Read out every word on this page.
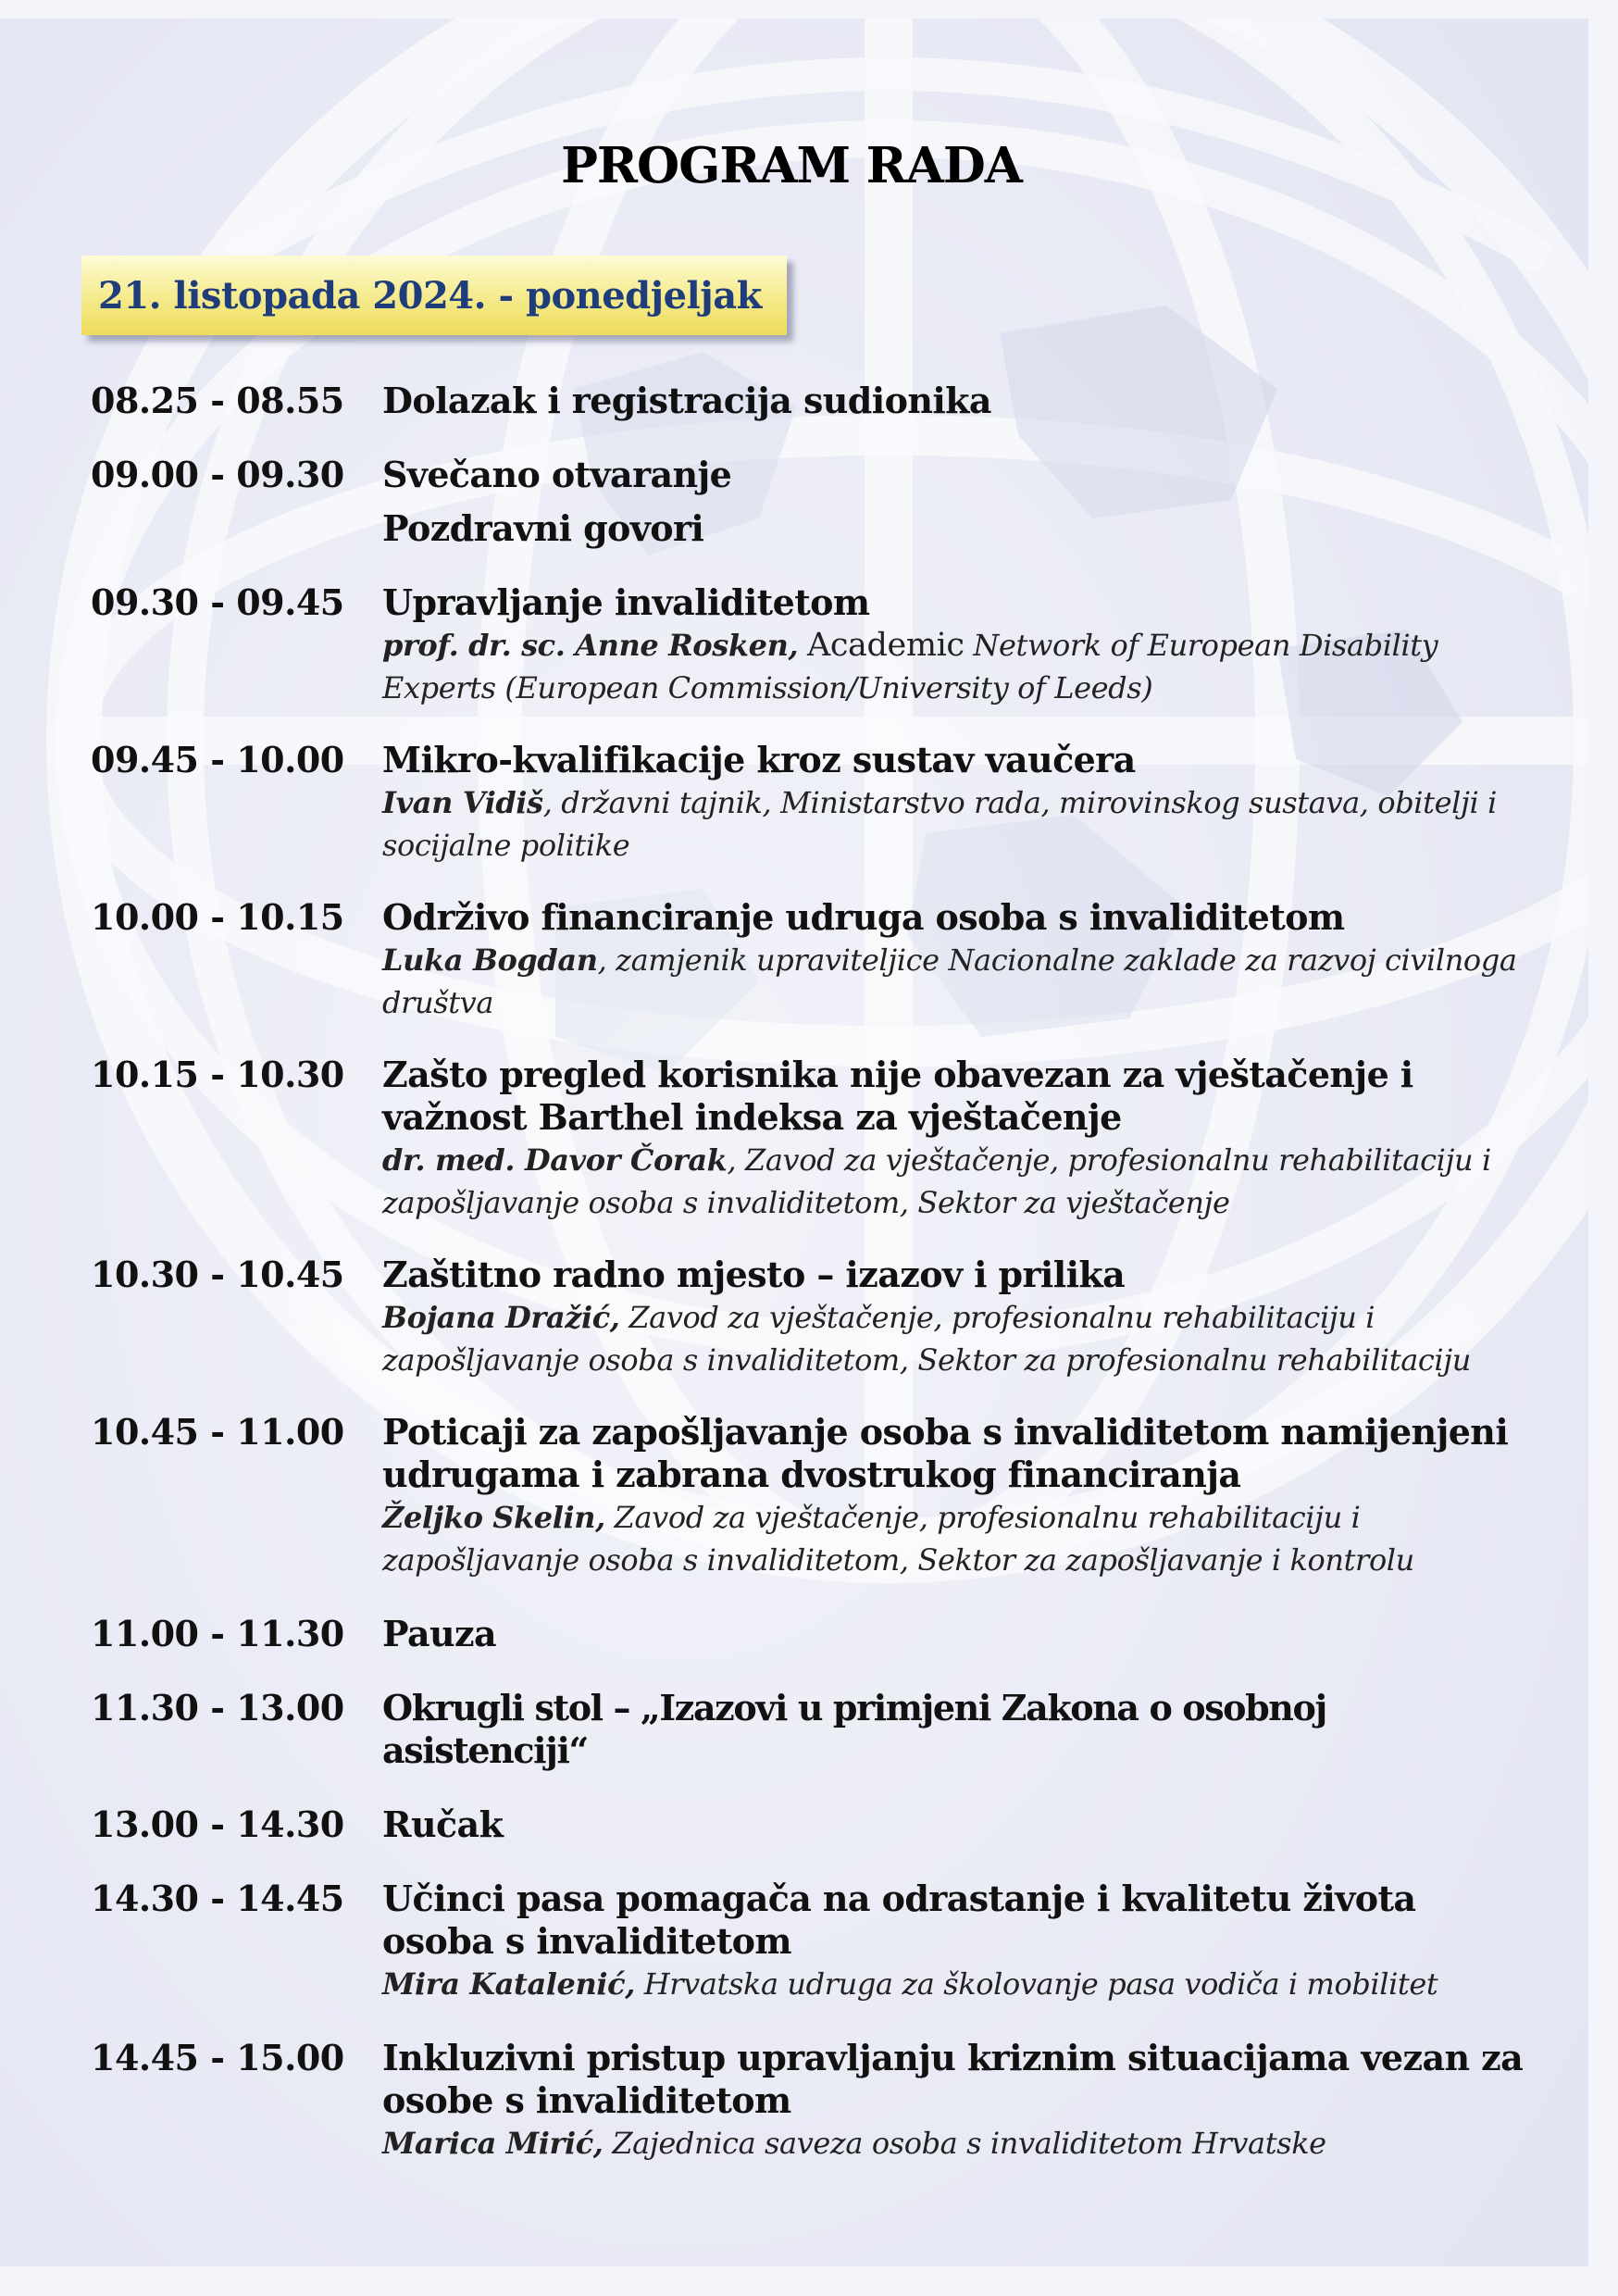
PROGRAM RADA
21. listopada 2024. - ponedjeljak
08.25 - 08.55	Dolazak i registracija sudionika
09.00 - 09.30	Svečano otvaranje
Pozdravni govori
09.30 - 09.45	Upravljanje invaliditetom
prof. dr. sc. Anne Rosken, Academic Network of European Disability Experts (European Commission/University of Leeds)
09.45 - 10.00	Mikro-kvalifikacije kroz sustav vaučera
Ivan Vidiš, državni tajnik, Ministarstvo rada, mirovinskog sustava, obitelji i socijalne politike
10.00 - 10.15	Održivo financiranje udruga osoba s invaliditetom
Luka Bogdan, zamjenik upraviteljice Nacionalne zaklade za razvoj civilnoga društva
10.15 - 10.30	Zašto pregled korisnika nije obavezan za vještačenje i važnost Barthel indeksa za vještačenje
dr. med. Davor Čorak, Zavod za vještačenje, profesionalnu rehabilitaciju i zapošljavanje osoba s invaliditetom, Sektor za vještačenje
10.30 - 10.45	Zaštitno radno mjesto – izazov i prilika
Bojana Dražić, Zavod za vještačenje, profesionalnu rehabilitaciju i zapošljavanje osoba s invaliditetom, Sektor za profesionalnu rehabilitaciju
10.45 - 11.00	Poticaji za zapošljavanje osoba s invaliditetom namijenjeni udrugama i zabrana dvostrukog financiranja
Željko Skelin, Zavod za vještačenje, profesionalnu rehabilitaciju i zapošljavanje osoba s invaliditetom, Sektor za zapošljavanje i kontrolu
11.00 - 11.30	Pauza
11.30 - 13.00	Okrugli stol – „Izazovi u primjeni Zakona o osobnoj asistenciji“
13.00 - 14.30	Ručak
14.30 - 14.45	Učinci pasa pomagača na odrastanje i kvalitetu života osoba s invaliditetom
Mira Katalenić, Hrvatska udruga za školovanje pasa vodiča i mobilitet
14.45 - 15.00	Inkluzivni pristup upravljanju kriznim situacijama vezan za osobe s invaliditetom
Marica Mirić, Zajednica saveza osoba s invaliditetom Hrvatske
